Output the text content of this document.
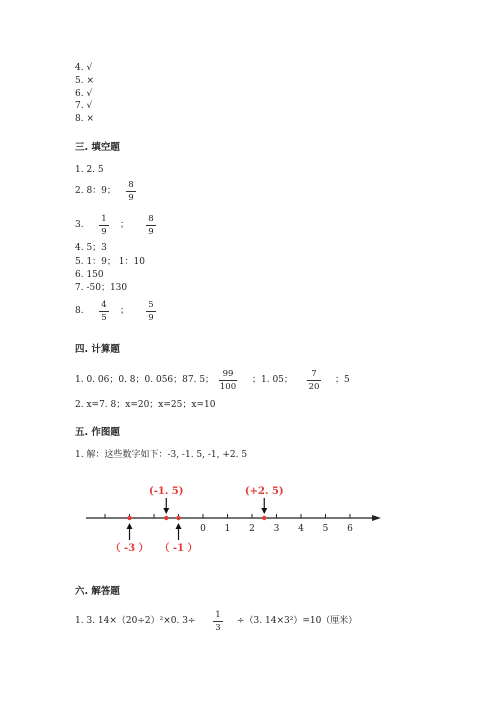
4. √
5. ×
6. √
7. √
8. ×
三. 填空题
1. 2. 5
2. 8：9；
8
9
3.
1
9
；
8
9
4. 5；3
5. 1：9； 1：10
6. 150
7. -50；130
8.
4
5
；
5
9
四. 计算题
1. 0. 06；0. 8；0. 056；87. 5；
99
100
；1. 05；
7
20
；5
2. x=7. 8；x=20；x=25；x=10
五. 作图题
1. 解：这些数字如下：-3, -1. 5, -1, +2. 5
0 1 2 3 4 5 6
（ -3 ）
(-1. 5)
（ -1 ）
(+2. 5)
六. 解答题
1. 3. 14×（20÷2）²×0. 3÷
1
3
÷（3. 14×3²）=10（厘米）
